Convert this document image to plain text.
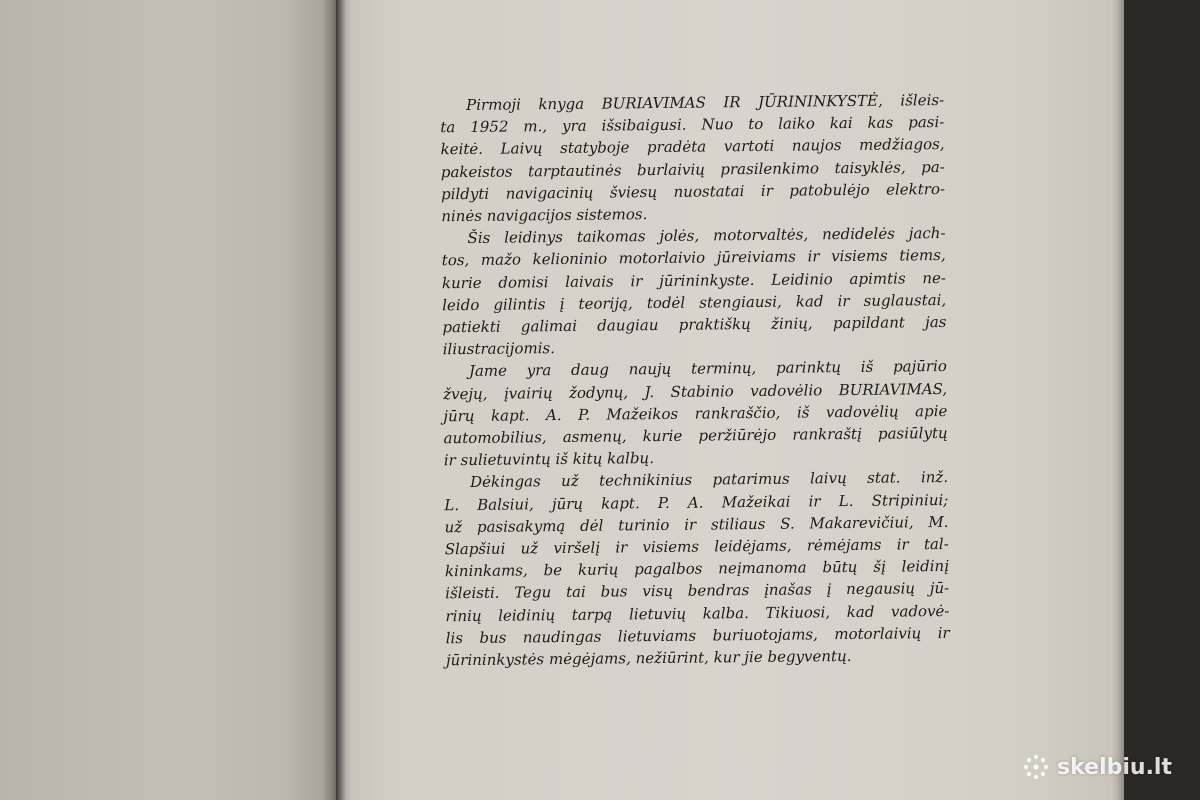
Pirmoji knyga BURIAVIMAS IR JŪRININKYSTĖ, išleis-
ta 1952 m., yra išsibaigusi. Nuo to laiko kai kas pasi-
keitė. Laivų statyboje pradėta vartoti naujos medžiagos,
pakeistos tarptautinės burlaivių prasilenkimo taisyklės, pa-
pildyti navigacinių šviesų nuostatai ir patobulėjo elektro-
ninės navigacijos sistemos.
Šis leidinys taikomas jolės, motorvaltės, nedidelės jach-
tos, mažo kelioninio motorlaivio jūreiviams ir visiems tiems,
kurie domisi laivais ir jūrininkyste. Leidinio apimtis ne-
leido gilintis į teoriją, todėl stengiausi, kad ir suglaustai,
patiekti galimai daugiau praktiškų žinių, papildant jas
iliustracijomis.
Jame yra daug naujų terminų, parinktų iš pajūrio
žvejų, įvairių žodynų, J. Stabinio vadovėlio BURIAVIMAS,
jūrų kapt. A. P. Mažeikos rankraščio, iš vadovėlių apie
automobilius, asmenų, kurie peržiūrėjo rankraštį pasiūlytų
ir sulietuvintų iš kitų kalbų.
Dėkingas už technikinius patarimus laivų stat. inž.
L. Balsiui, jūrų kapt. P. A. Mažeikai ir L. Stripiniui;
už pasisakymą dėl turinio ir stiliaus S. Makarevičiui, M.
Slapšiui už viršelį ir visiems leidėjams, rėmėjams ir tal-
kininkams, be kurių pagalbos neįmanoma būtų šį leidinį
išleisti. Tegu tai bus visų bendras įnašas į negausių jū-
rinių leidinių tarpą lietuvių kalba. Tikiuosi, kad vadovė-
lis bus naudingas lietuviams buriuotojams, motorlaivių ir
jūrininkystės mėgėjams, nežiūrint, kur jie begyventų.
skelbiu.lt
